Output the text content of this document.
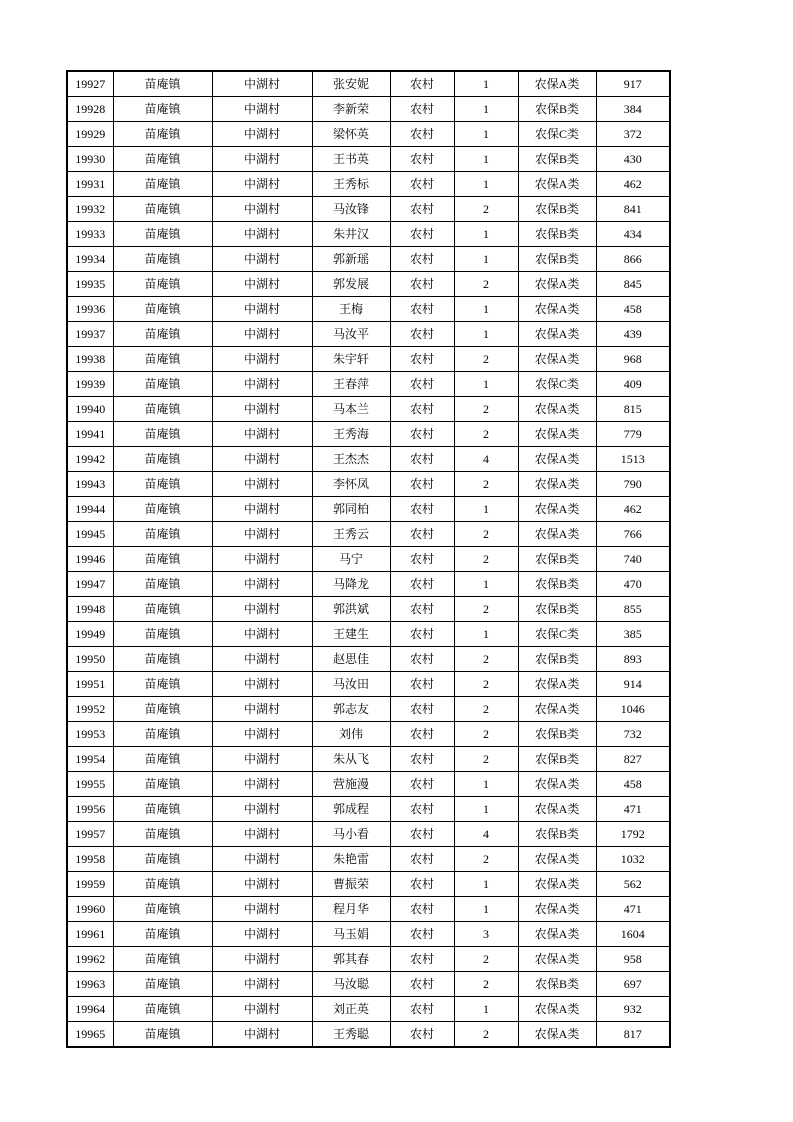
19927	苗庵镇	中湖村	张安妮	农村	1	农保A类	917
19928	苗庵镇	中湖村	李新荣	农村	1	农保B类	384
19929	苗庵镇	中湖村	梁怀英	农村	1	农保C类	372
19930	苗庵镇	中湖村	王书英	农村	1	农保B类	430
19931	苗庵镇	中湖村	王秀标	农村	1	农保A类	462
19932	苗庵镇	中湖村	马汝锋	农村	2	农保B类	841
19933	苗庵镇	中湖村	朱井汉	农村	1	农保B类	434
19934	苗庵镇	中湖村	郭新瑶	农村	1	农保B类	866
19935	苗庵镇	中湖村	郭发展	农村	2	农保A类	845
19936	苗庵镇	中湖村	王梅	农村	1	农保A类	458
19937	苗庵镇	中湖村	马汝平	农村	1	农保A类	439
19938	苗庵镇	中湖村	朱宇轩	农村	2	农保A类	968
19939	苗庵镇	中湖村	王春萍	农村	1	农保C类	409
19940	苗庵镇	中湖村	马本兰	农村	2	农保A类	815
19941	苗庵镇	中湖村	王秀海	农村	2	农保A类	779
19942	苗庵镇	中湖村	王杰杰	农村	4	农保A类	1513
19943	苗庵镇	中湖村	李怀凤	农村	2	农保A类	790
19944	苗庵镇	中湖村	郭同柏	农村	1	农保A类	462
19945	苗庵镇	中湖村	王秀云	农村	2	农保A类	766
19946	苗庵镇	中湖村	马宁	农村	2	农保B类	740
19947	苗庵镇	中湖村	马降龙	农村	1	农保B类	470
19948	苗庵镇	中湖村	郭洪斌	农村	2	农保B类	855
19949	苗庵镇	中湖村	王建生	农村	1	农保C类	385
19950	苗庵镇	中湖村	赵思佳	农村	2	农保B类	893
19951	苗庵镇	中湖村	马汝田	农村	2	农保A类	914
19952	苗庵镇	中湖村	郭志友	农村	2	农保A类	1046
19953	苗庵镇	中湖村	刘伟	农村	2	农保B类	732
19954	苗庵镇	中湖村	朱从飞	农村	2	农保B类	827
19955	苗庵镇	中湖村	营施漫	农村	1	农保A类	458
19956	苗庵镇	中湖村	郭成程	农村	1	农保A类	471
19957	苗庵镇	中湖村	马小看	农村	4	农保B类	1792
19958	苗庵镇	中湖村	朱艳雷	农村	2	农保A类	1032
19959	苗庵镇	中湖村	曹振荣	农村	1	农保A类	562
19960	苗庵镇	中湖村	程月华	农村	1	农保A类	471
19961	苗庵镇	中湖村	马玉娟	农村	3	农保A类	1604
19962	苗庵镇	中湖村	郭其春	农村	2	农保A类	958
19963	苗庵镇	中湖村	马汝聪	农村	2	农保B类	697
19964	苗庵镇	中湖村	刘正英	农村	1	农保A类	932
19965	苗庵镇	中湖村	王秀聪	农村	2	农保A类	817
